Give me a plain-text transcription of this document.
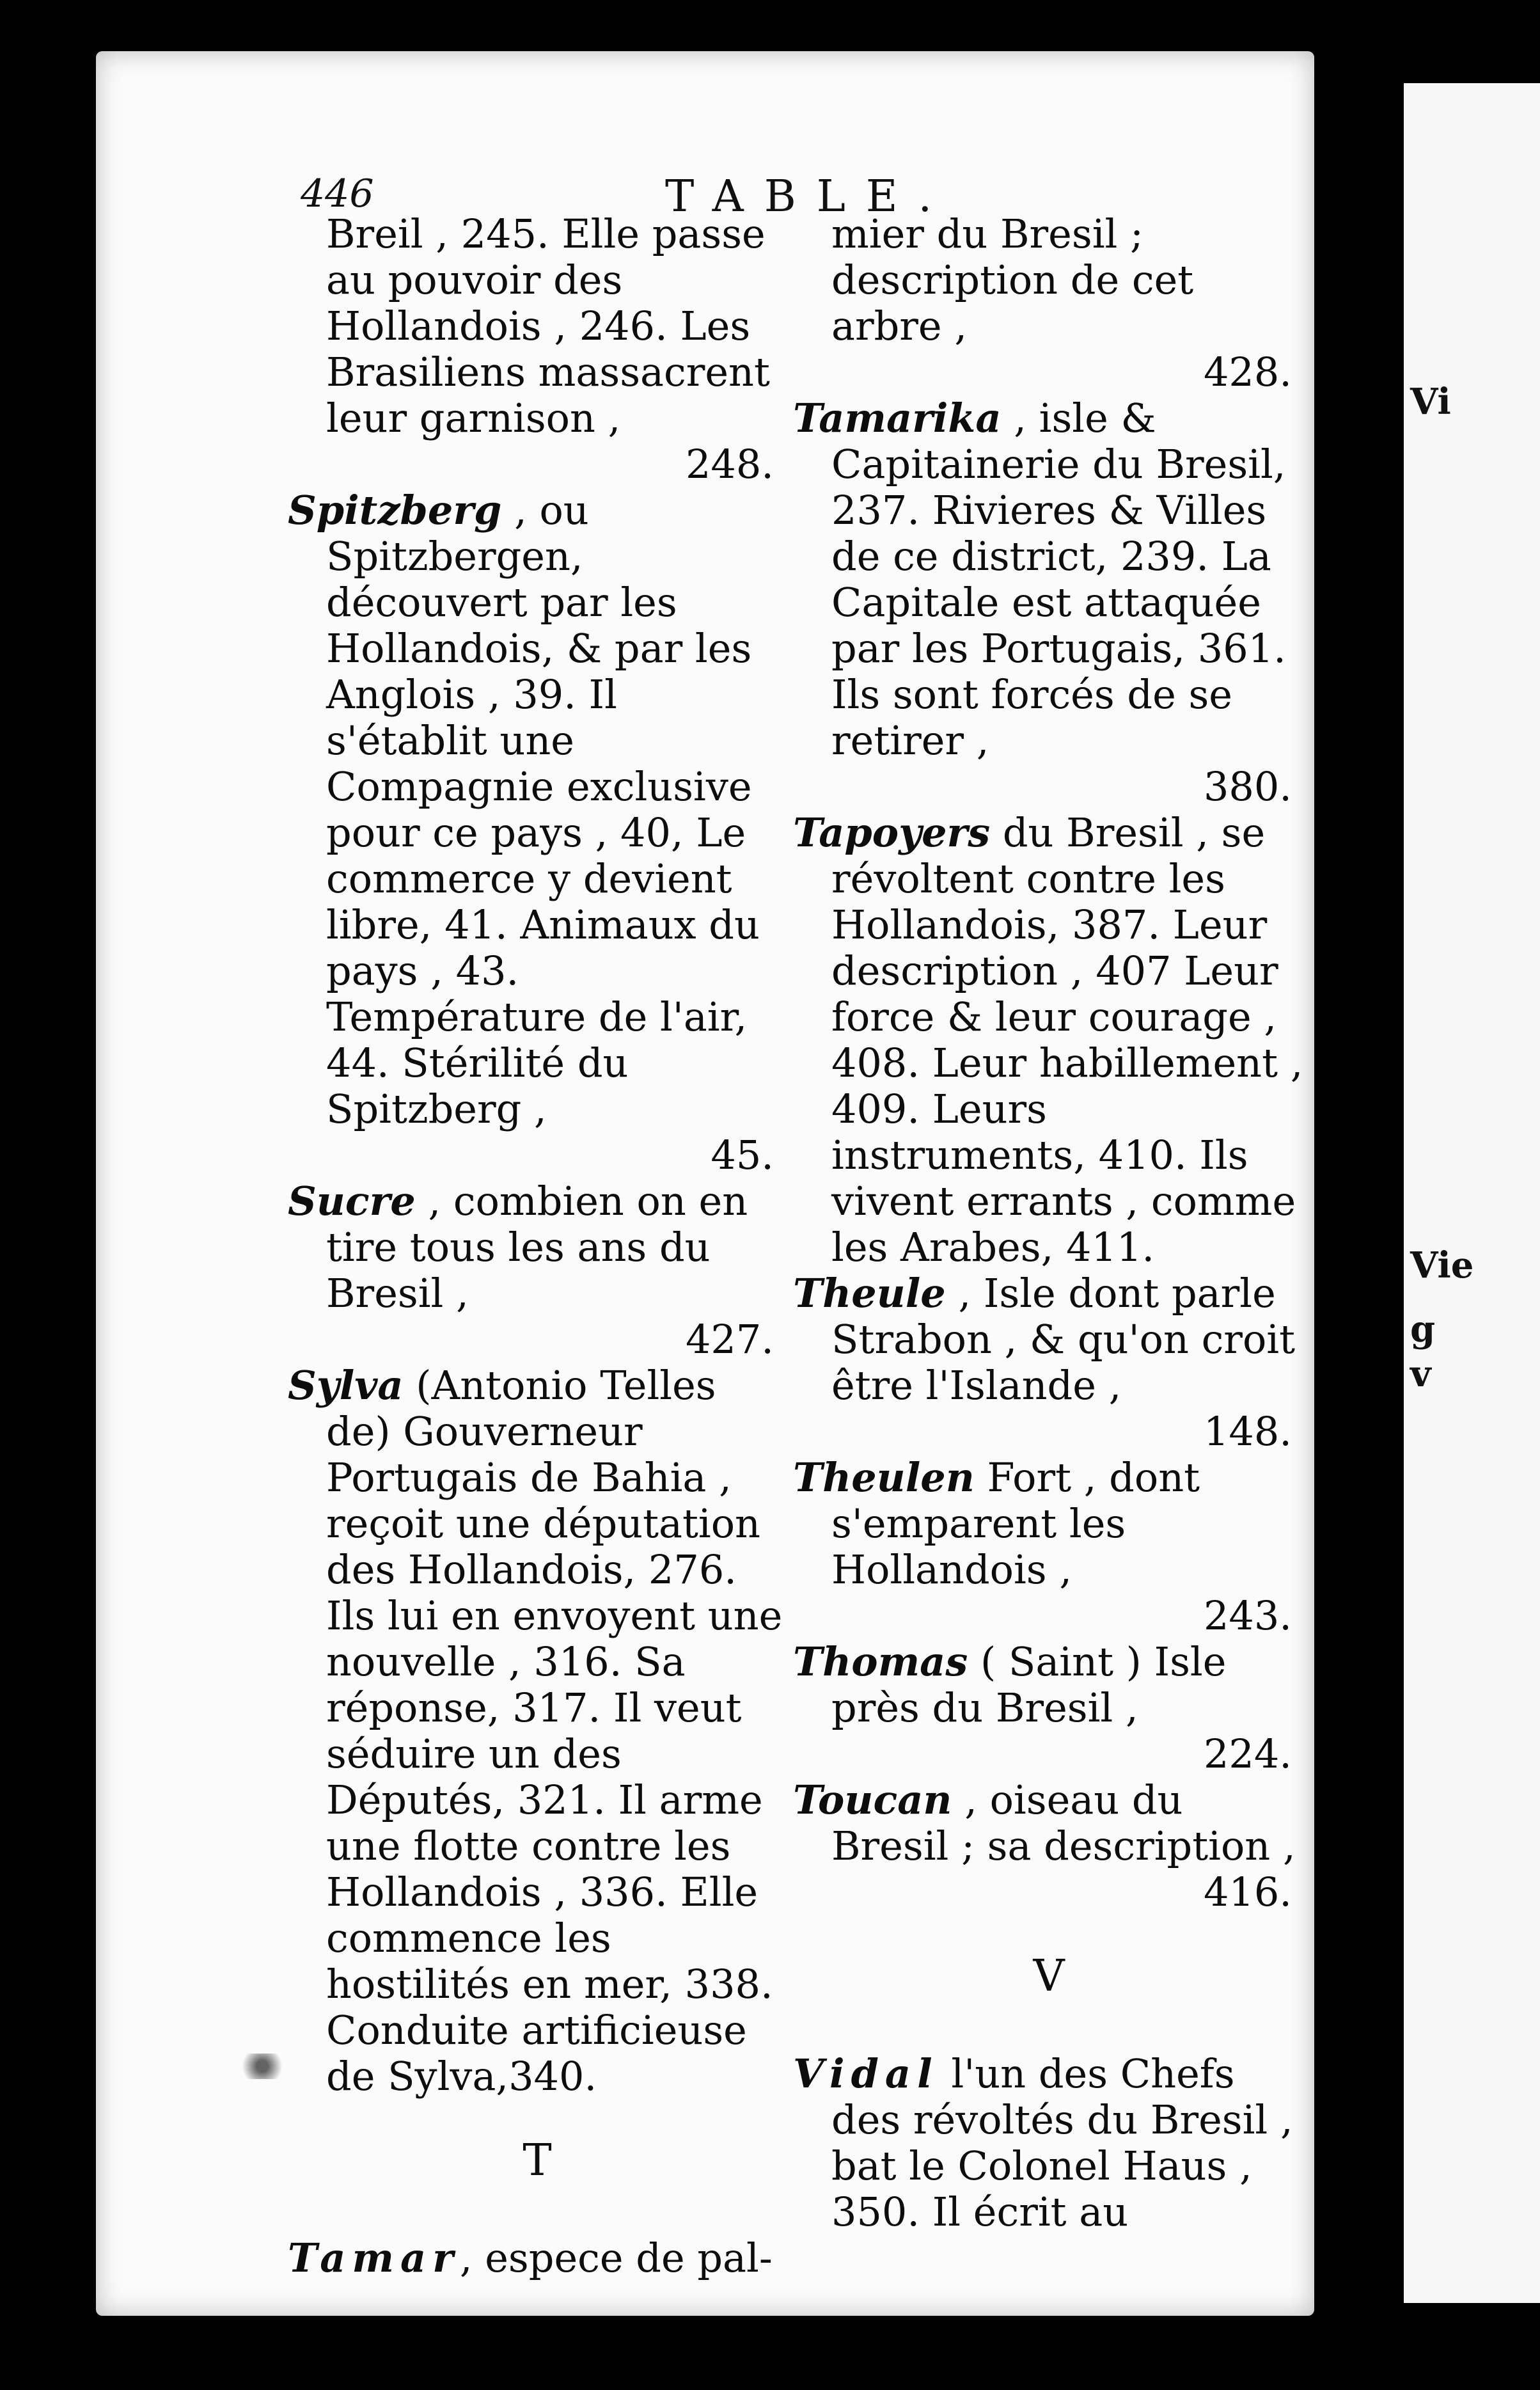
Vi
Vie
g
v
446	TABLE.

Breil , 245. Elle passe au pouvoir des Hollandois , 246. Les Brasiliens massacrent leur garnison ,
248.

Spitzberg , ou Spitzbergen, découvert par les Hollandois, & par les Anglois , 39. Il s'établit une Compagnie exclusive pour ce pays , 40, Le commerce y devient libre, 41. Animaux du pays , 43. Température de l'air, 44. Stérilité du Spitzberg ,
45.

Sucre , combien on en tire tous les ans du Bresil ,
427.

Sylva (Antonio Telles de) Gouverneur Portugais de Bahia , reçoit une députation des Hollandois, 276. Ils lui en envoyent une nouvelle , 316. Sa réponse, 317. Il veut séduire un des Députés, 321. Il arme une flotte contre les Hollandois , 336. Elle commence les hostilités en mer, 338. Conduite artificieuse de Sylva,340.

T

Tamar, espece de pal-

mier du Bresil ; description de cet arbre ,
428.

Tamarika , isle & Capitainerie du Bresil, 237. Rivieres & Villes de ce district, 239. La Capitale est attaquée par les Portugais, 361. Ils sont forcés de se retirer ,
380.

Tapoyers du Bresil , se révoltent contre les Hollandois, 387. Leur description , 407 Leur force & leur courage , 408. Leur habillement , 409. Leurs instruments, 410. Ils vivent errants , comme les Arabes, 411.

Theule , Isle dont parle Strabon , & qu'on croit être l'Islande ,
148.

Theulen Fort , dont s'emparent les Hollandois ,
243.

Thomas ( Saint ) Isle près du Bresil ,
224.

Toucan , oiseau du Bresil ; sa description ,
416.

V

Vidal l'un des Chefs des révoltés du Bresil , bat le Colonel Haus , 350. Il écrit au
